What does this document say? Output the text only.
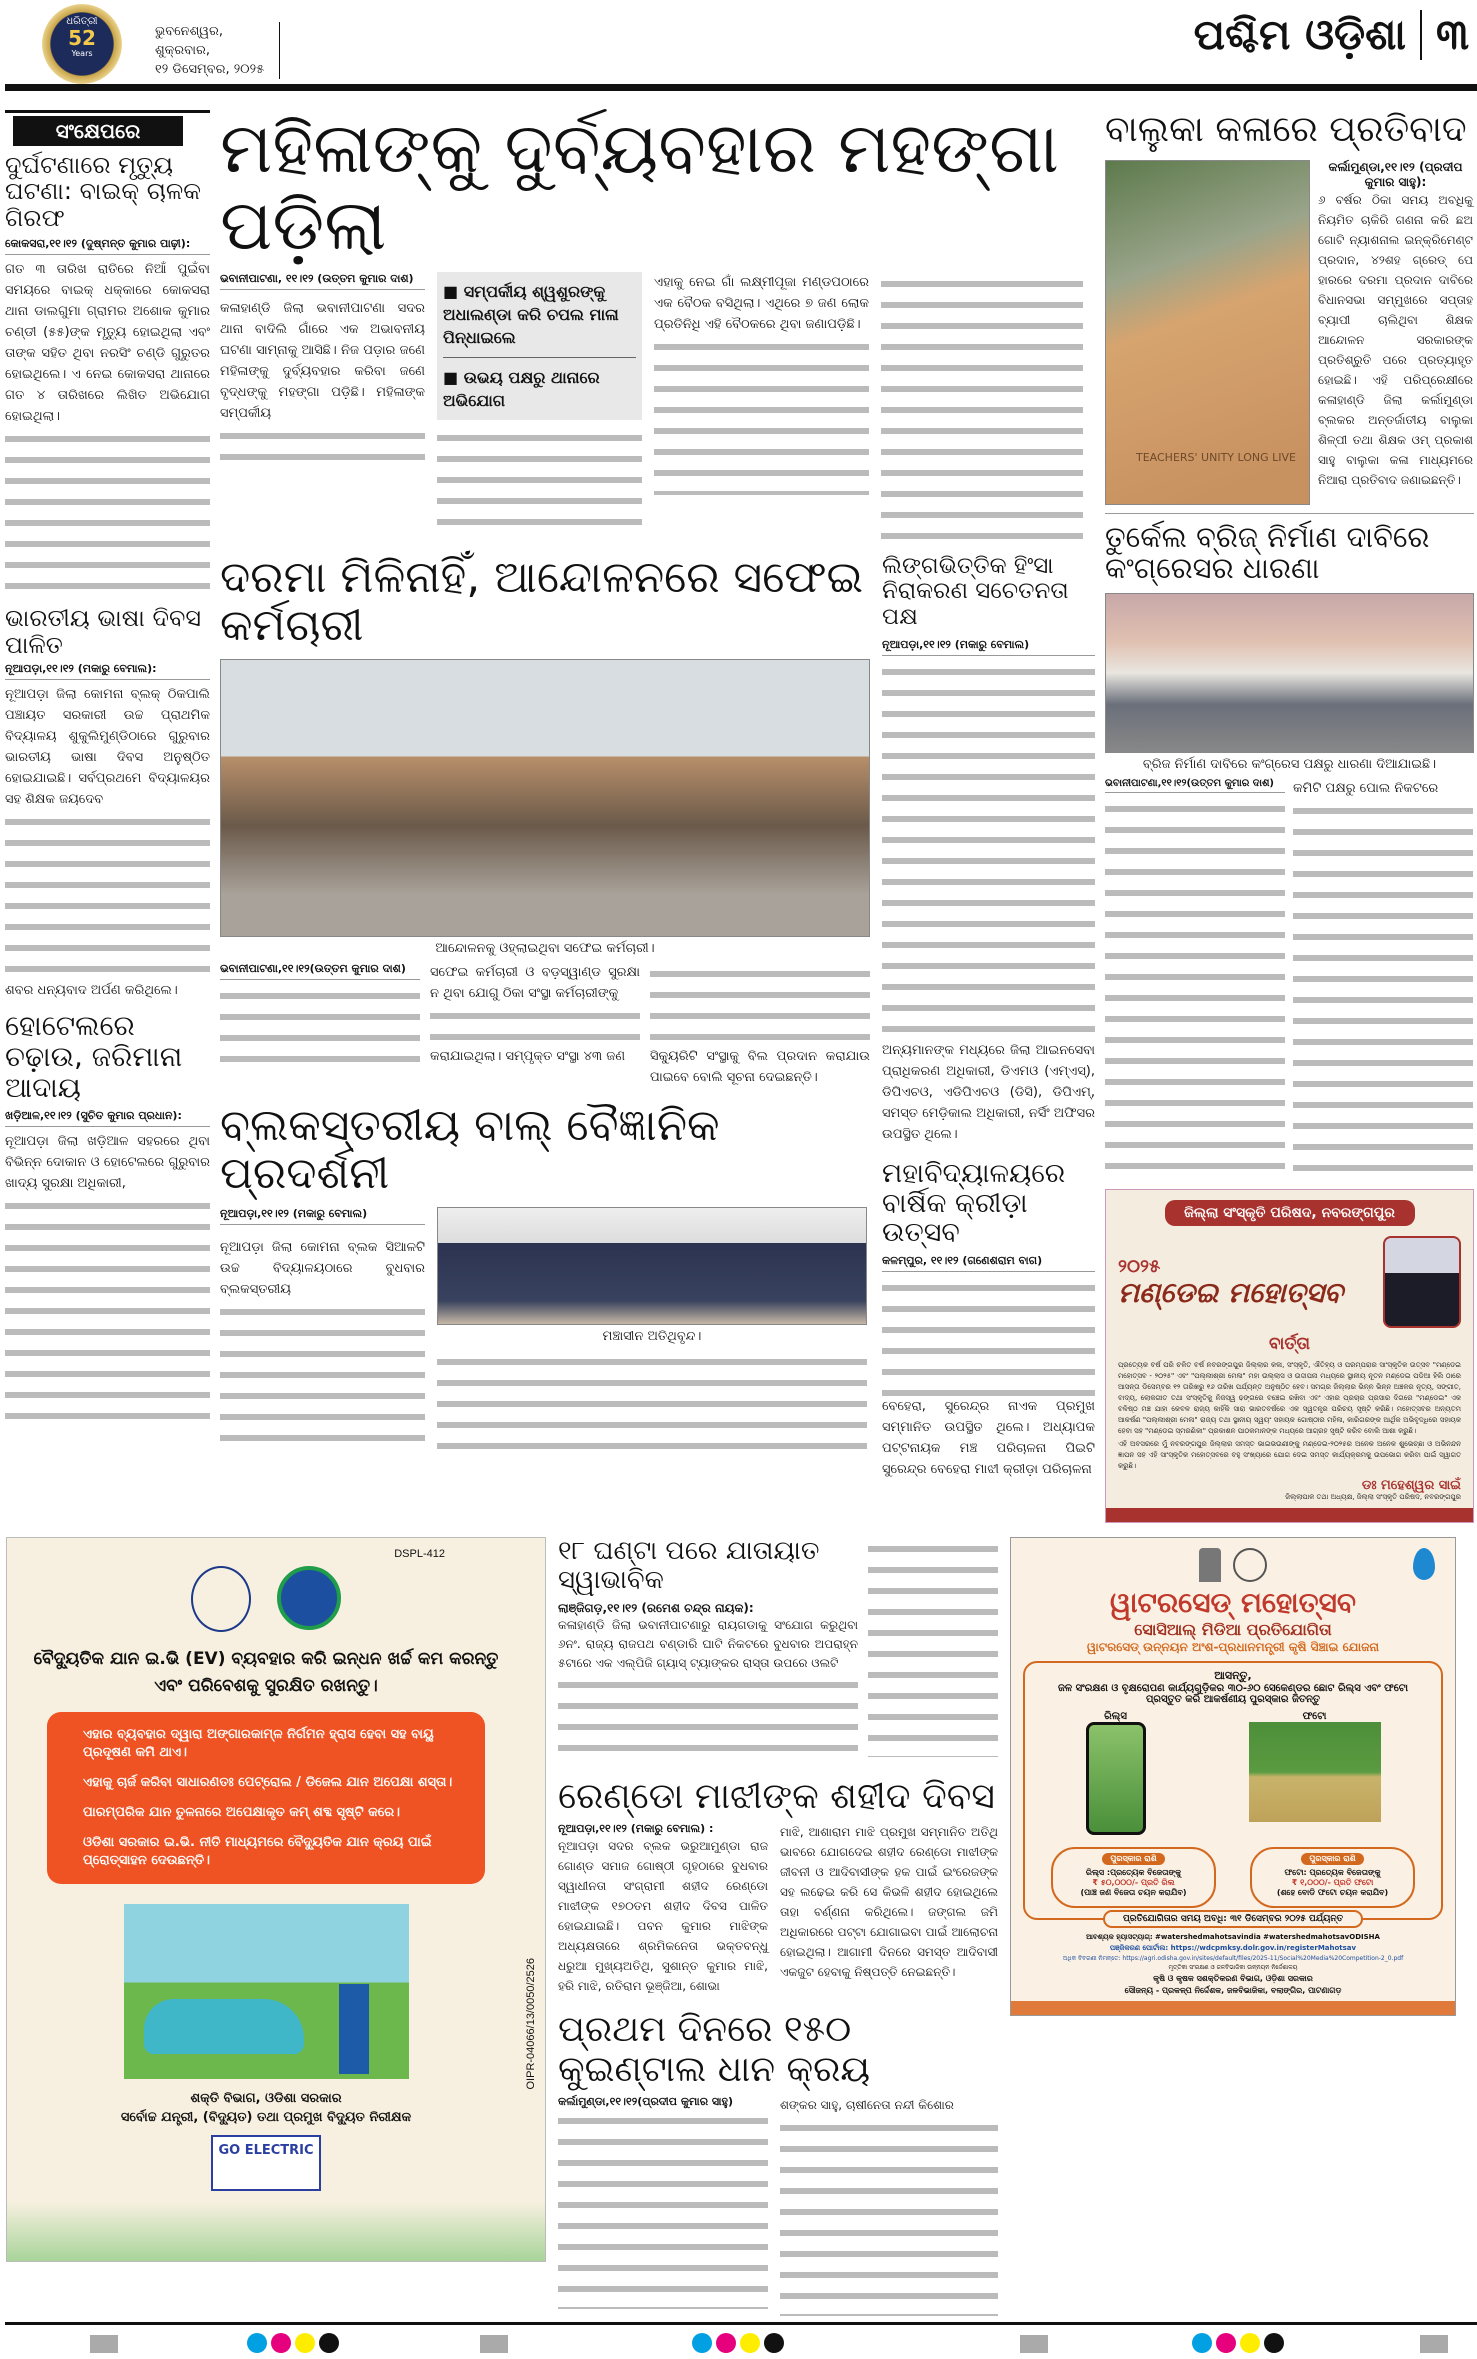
ଧରିତ୍ରୀ
52
Years
ଭୁବନେଶ୍ୱର, ଶୁକ୍ରବାର,
୧୨ ଡିସେମ୍ବର, ୨୦୨୫
ପଶ୍ଚିମ ଓଡ଼ିଶା ୩
ସଂକ୍ଷେପରେ
ଦୁର୍ଘଟଣାରେ ମୃତ୍ୟୁ ଘଟଣା: ବାଇକ୍ ଚାଳକ ଗିରଫ
କୋକସରା,୧୧।୧୨ (ଦୁଷ୍ମନ୍ତ କୁମାର ପାଢ଼ୀ):
ଗତ ୩ ତାରିଖ ରାତିରେ ନିଆଁ ପୁଇଁବା ସମୟରେ ବାଇକ୍ ଧକ୍କାରେ କୋକସରା ଥାନା ଡାଲଗୁମା ଗ୍ରାମର ଅଶୋକ କୁମାର ଚଣ୍ଡୀ (୫୫)ଙ୍କ ମୃତ୍ୟୁ ହୋଇଥିଲା ଏବଂ ତାଙ୍କ ସହିତ ଥିବା ନରସିଂ ଚଣ୍ଡି ଗୁରୁତର ହୋଇଥିଲେ। ଏ ନେଇ କୋକସରା ଥାନାରେ ଗତ ୪ ତାରିଖରେ ଲିଖିତ ଅଭିଯୋଗ ହୋଇଥିଲା।
ଭାରତୀୟ ଭାଷା ଦିବସ ପାଳିତ
ନୂଆପଡ଼ା,୧୧।୧୨ (ମକାରୁ ବେମାଲ):
ନୂଆପଡ଼ା ଜିଲା କୋମନା ବ୍ଲକ୍ ଠିକପାଲି ପଞ୍ଚାୟତ ସରକାରୀ ଉଚ୍ଚ ପ୍ରାଥମିକ ବିଦ୍ୟାଳୟ ଶୁକୁଲିମୁଣ୍ଡିଠାରେ ଗୁରୁବାର ଭାରତୀୟ ଭାଷା ଦିବସ ଅନୁଷ୍ଠିତ ହୋଇଯାଇଛି। ସର୍ବପ୍ରଥମେ ବିଦ୍ୟାଳୟର ସହ ଶିକ୍ଷକ ଜୟଦେବ
ଶବର ଧନ୍ୟବାଦ ଅର୍ପଣ କରିଥିଲେ।
ହୋଟେଲରେ ଚଢ଼ାଉ, ଜରିମାନା ଆଦାୟ
ଖଡ଼ିଆଳ,୧୧।୧୨ (ସୁଚିତ କୁମାର ପ୍ରଧାନ):
ନୂଆପଡ଼ା ଜିଲା ଖଡ଼ିଆଳ ସହରରେ ଥିବା ବିଭିନ୍ନ ଦୋକାନ ଓ ହୋଟେଲରେ ଗୁରୁବାର ଖାଦ୍ୟ ସୁରକ୍ଷା ଅଧିକାରୀ,
ମହିଳାଙ୍କୁ ଦୁର୍ବ୍ୟବହାର ମହଙ୍ଗା ପଡ଼ିଲା
ଭବାନୀପାଟଣା, ୧୧।୧୨ (ଉତ୍ତମ କୁମାର ଦାଶ)
କଳାହାଣ୍ଡି ଜିଲା ଭବାନୀପାଟଣା ସଦର ଥାନା ବାଦିଲି ଗାଁରେ ଏକ ଅଭାବନୀୟ ଘଟଣା ସାମ୍ନାକୁ ଆସିଛି। ନିଜ ପଡ଼ାର ଜଣେ ମହିଳାଙ୍କୁ ଦୁର୍ବ୍ୟବହାର କରିବା ଜଣେ ବୃଦ୍ଧଙ୍କୁ ମହଙ୍ଗା ପଡ଼ିଛି। ମହିଳାଙ୍କ ସମ୍ପର୍କୀୟ
■ ସମ୍ପର୍କୀୟ ଶ୍ୱଶୁରଙ୍କୁ ଅଧାଲଣ୍ଡା କରି ଚପଲ ମାଳା ପିନ୍ଧାଇଲେ
■ ଉଭୟ ପକ୍ଷରୁ ଥାନାରେ ଅଭିଯୋଗ
ଏହାକୁ ନେଇ ଗାଁ ଲକ୍ଷ୍ମୀପୂଜା ମଣ୍ଡପଠାରେ ଏକ ବୈଠକ ବସିଥିଲା। ଏଥିରେ ୭ ଜଣ ଲୋକ ପ୍ରତିନିଧି ଏହି ବୈଠକରେ ଥିବା ଜଣାପଡ଼ିଛି।
ଦରମା ମିଳିନାହିଁ, ଆନ୍ଦୋଳନରେ ସଫେଇ କର୍ମଚାରୀ
ଆନ୍ଦୋଳନକୁ ଓହ୍ଲାଇଥିବା ସଫେଇ କର୍ମଚାରୀ।
ଭବାନୀପାଟଣା,୧୧।୧୨(ଉତ୍ତମ କୁମାର ଦାଶ)	ସଫେଇ କର୍ମଚାରୀ ଓ ବଡ଼ସ୍ୱାଣ୍ଡ ସୁରକ୍ଷା ନ ଥିବା ଯୋଗୁ ଠିକା ସଂସ୍ଥା କର୍ମଚାରୀଙ୍କୁ
କରାଯାଇଥିଲା। ସମ୍ପୃକ୍ତ ସଂସ୍ଥା ୪୩ ଜଣ	ସିକ୍ୟୁରିଟି ସଂସ୍ଥାକୁ ବିଲ ପ୍ରଦାନ କରାଯାଉ ପାଇବେ ବୋଲି ସୂଚନା ଦେଇଛନ୍ତି।
ବ୍ଲକସ୍ତରୀୟ ବାଲ୍ ବୈଜ୍ଞାନିକ ପ୍ରଦର୍ଶନୀ
ନୂଆପଡ଼ା,୧୧।୧୨ (ମକାରୁ ବେମାଲ)
ନୂଆପଡ଼ା ଜିଲା କୋମନା ବ୍ଲକ ସିଆଳଟି ଉଚ୍ଚ ବିଦ୍ୟାଳୟଠାରେ ବୁଧବାର ବ୍ଲକସ୍ତରୀୟ
ମଞ୍ଚାସୀନ ଅତିଥିବୃନ୍ଦ।
ଲିଙ୍ଗଭିତ୍ତିକ ହିଂସା ନିରାକରଣ ସଚେତନତା ପକ୍ଷ
ନୂଆପଡ଼ା,୧୧।୧୨ (ମକାରୁ ବେମାଲ)
ଅନ୍ୟମାନଙ୍କ ମଧ୍ୟରେ ଜିଲା ଆଇନସେବା ପ୍ରାଧିକରଣ ଅଧିକାରୀ, ଡିଏମଓ (ଏମ୍‌ଏସ୍), ଡିପିଏଚଓ, ଏଡିପିଏଚଓ (ଡିସି), ଡିପିଏମ୍, ସମସ୍ତ ମେଡ଼ିକାଲ ଅଧିକାରୀ, ନର୍ସିଂ ଅଫିସର ଉପସ୍ଥିତ ଥିଲେ।
ମହାବିଦ୍ୟାଳୟରେ ବାର୍ଷିକ କ୍ରୀଡ଼ା ଉତ୍ସବ
କଳମ୍ପୁର, ୧୧।୧୨ (ଗଣେଶରାମ ବାଗ)
ବେହେରା, ସୁରେନ୍ଦ୍ର ନାଏକ ପ୍ରମୁଖ ସମ୍ମାନିତ ଉପସ୍ଥିତ ଥିଲେ। ଅଧ୍ୟାପକ ପଟ୍ଟନାୟକ ମଞ୍ଚ ପରିଚାଳନା ପିଇଟି ସୁରେନ୍ଦ୍ର ବେହେରା ମାଝୀ କ୍ରୀଡ଼ା ପରିଚାଳନା
ବାଲୁକା କଳାରେ ପ୍ରତିବାଦ
TEACHERS' UNITY LONG LIVE
କର୍ଲାମୁଣ୍ଡା,୧୧।୧୨ (ପ୍ରଦୀପ କୁମାର ସାହୁ):
୬ ବର୍ଷର ଠିକା ସମୟ ଅବଧିକୁ ନିୟମିତ ଚାକିରି ଗଣନା କରି ଛଅ ଗୋଟି ନ୍ୟାଶନାଲ ଇନ୍‌କ୍ରିମେଣ୍ଟ ପ୍ରଦାନ, ୪୨ଶହ ଗ୍ରେଡ୍ ପେ ହାରରେ ଦରମା ପ୍ରଦାନ ଦାବିରେ ବିଧାନସଭା ସମ୍ମୁଖରେ ସପ୍ତାହ ବ୍ୟାପୀ ଚାଲିଥିବା ଶିକ୍ଷକ ଆନ୍ଦୋଳନ ସରକାରଙ୍କ ପ୍ରତିଶ୍ରୁତି ପରେ ପ୍ରତ୍ୟାହୃତ ହୋଇଛି। ଏହି ପରିପ୍ରେକ୍ଷୀରେ କଳାହାଣ୍ଡି ଜିଲା କର୍ଲାମୁଣ୍ଡା ବ୍ଲକର ଅନ୍ତର୍ଜାତୀୟ ବାଲୁକା ଶିଳ୍ପୀ ତଥା ଶିକ୍ଷକ ଓମ୍ ପ୍ରକାଶ ସାହୁ ବାଲୁକା କଳା ମାଧ୍ୟମରେ ନିଆରା ପ୍ରତିବାଦ ଜଣାଇଛନ୍ତି।
ତୁର୍କେଲ ବ୍ରିଜ୍ ନିର୍ମାଣ ଦାବିରେ କଂଗ୍ରେସର ଧାରଣା
ବ୍ରିଜ ନିର୍ମାଣ ଦାବିରେ କଂଗ୍ରେସ ପକ୍ଷରୁ ଧାରଣା ଦିଆଯାଇଛି।
ଭବାନୀପାଟଣା,୧୧।୧୨(ଉତ୍ତମ କୁମାର ଦାଶ)	କମିଟି ପକ୍ଷରୁ ପୋଲ ନିକଟରେ
ଜିଲ୍ଲା ସଂସ୍କୃତି ପରିଷଦ, ନବରଙ୍ଗପୁର
୨୦୨୫
ମଣ୍ଡେଇ ମହୋତ୍ସବ
ବାର୍ତ୍ତା

ପ୍ରତ୍ୟେକ ବର୍ଷ ପରି ଚଳିତ ବର୍ଷ ନବରଙ୍ଗପୁର ଜିଲ୍ଲାର କଳା, ସଂସ୍କୃତି, ଐତିହ୍ୟ ଓ ପରମ୍ପରାର ସାଂସ୍କୃତିକ ଉତ୍ସବ "ମଣ୍ଡେଇ ମହୋତ୍ସବ - ୨୦୨୫" ଏବଂ "ପଲ୍ଲୀଶ୍ରୀ ମେଳା" ମହା ଉଲ୍ଲାସ ଓ ଉଦ୍ଦୀପନା ମଧ୍ୟରେ ସ୍ଥାନୀୟ ନୂତନ ମଣ୍ଡେଇ ପଡିଆ ହିଲି ଠାରେ ଆସନ୍ତା ଡିସେମ୍ବର ୧୨ ତାରିଖରୁ ୧୬ ତାରିଖ ପର୍ଯ୍ୟନ୍ତ ଅନୁଷ୍ଠିତ ହେବ। ସମଗ୍ର ଜିଲ୍ଲାର ଭିନ୍ନ ଭିନ୍ନ ଅଞ୍ଚଳର ନୃତ୍ୟ, ସଙ୍ଗୀତ, ବାଦ୍ୟ, ଲୋକଗୀତ ତଥା ସଂସ୍କୃତିକୁ ନିଜସ୍ୱ ଢଙ୍ଗରେ ବଞ୍ଚେଇ ରଖିବା ଏବଂ ଏହାର ପ୍ରଚାର ପ୍ରସାର ଦିଗରେ "ମଣ୍ଡେଇ" ଏକ ବଳିଷ୍ଠ ମଞ୍ଚ ଯାହା କେବଳ ରାଜ୍ୟ କାହିଁକି ସାରା ଭାରତବର୍ଷରେ ଏକ ସ୍ୱତନ୍ତ୍ର ପରିଚୟ ସୃଷ୍ଟି କରିଛି। ମହୋତ୍ସବର ଅନ୍ୟତମ ଆକର୍ଷଣ "ପଲ୍ଲୀଶ୍ରୀ ମେଳା" ରାଜ୍ୟ ତଥା ସ୍ଥାନୀୟ ସ୍ୱୟଂ ସହାୟକ ଗୋଷ୍ଠୀର ମହିଳା, କାରିଗରଙ୍କ ଆର୍ଥିକ ଅଭିବୃଦ୍ଧିରେ ସହାୟକ ହେବା ସହ "ମଣ୍ଡେଇ ସ୍ମରଣିକା" ପ୍ରକାଶନ ପାଠକମାନଙ୍କ ମଧ୍ୟରେ ଆଗ୍ରହ ସୃଷ୍ଟି କରିବ ବୋଲି ଆଶା କରୁଛି।

ଏହି ଅବସରରେ ମୁଁ ନବରଙ୍ଗପୁର ଜିଲ୍ଲାର ସମସ୍ତ ଭାଇଭଉଣୀଙ୍କୁ ମଣ୍ଡେଇ-୨୦୨୫ର ଅନେକ ଅନେକ ଶୁଭେଚ୍ଛା ଓ ଅଭିନନ୍ଦନ ଜ୍ଞାପନ ସହ ଏହି ସାଂସ୍କୃତିକ ମହୋତ୍ସବରେ ବହୁ ସଂଖ୍ୟାରେ ଯୋଗ ଦେଇ ସମସ୍ତ କାର୍ଯ୍ୟକ୍ରମକୁ ଉପଭୋଗ କରିବା ପାଇଁ ସ୍ୱାଗତ କରୁଛି।

ଡଃ ମହେଶ୍ୱର ସାଇଁ
ଜିଲ୍ଲାପାଳ ତଥା ଅଧ୍ୟକ୍ଷ, ଜିଲ୍ଲା ସଂସ୍କୃତି ପରିଷଦ, ନବରଙ୍ଗପୁର
DSPL-412
ବୈଦ୍ୟୁତିକ ଯାନ ଇ.ଭି (EV) ବ୍ୟବହାର କରି ଇନ୍ଧନ ଖର୍ଚ୍ଚ କମ କରନ୍ତୁ ଏବଂ ପରିବେଶକୁ ସୁରକ୍ଷିତ ରଖନ୍ତୁ।
ଏହାର ବ୍ୟବହାର ଦ୍ୱାରା ଅଙ୍ଗାରକାମ୍ଳ ନିର୍ଗମନ ହ୍ରାସ ହେବା ସହ ବାୟୁ ପ୍ରଦୂଷଣ କମି ଥାଏ।
ଏହାକୁ ଚାର୍ଜ କରିବା ସାଧାରଣତଃ ପେଟ୍ରୋଲ / ଡିଜେଲ ଯାନ ଅପେକ୍ଷା ଶସ୍ତା।
ପାରମ୍ପରିକ ଯାନ ତୁଳନାରେ ଅପେକ୍ଷାକୃତ କମ୍ ଶବ୍ଦ ସୃଷ୍ଟି କରେ।
ଓଡିଶା ସରକାର ଇ.ଭି. ନୀତି ମାଧ୍ୟମରେ ବୈଦ୍ୟୁତିକ ଯାନ କ୍ରୟ ପାଇଁ ପ୍ରୋତ୍ସାହନ ଦେଉଛନ୍ତି।
ଶକ୍ତି ବିଭାଗ, ଓଡିଶା ସରକାର
ସର୍ବୋଚ୍ଚ ଯନ୍ତ୍ରୀ, (ବିଦ୍ୟୁତ) ତଥା ପ୍ରମୁଖ ବିଦ୍ୟୁତ ନିରୀକ୍ଷକ
GO ELECTRIC
OIPR-04066/13/0050/2526
୧୮ ଘଣ୍ଟା ପରେ ଯାତାୟାତ ସ୍ୱାଭାବିକ
ଲାଞ୍ଜିଗଡ଼,୧୧।୧୨ (ରମେଶ ଚନ୍ଦ୍ର ନାୟକ):
କଳାହାଣ୍ଡି ଜିଲା ଭବାନୀପାଟଣାରୁ ରାୟଗଡାକୁ ସଂଯୋଗ କରୁଥିବା ୬ନଂ. ରାଜ୍ୟ ରାଜପଥ ବଣ୍ଡାରି ଘାଟି ନିକଟରେ ବୁଧବାର ଅପରାହ୍ନ ୫ଟାରେ ଏକ ଏଲ୍‌ପିଜି ଗ୍ୟାସ୍ ଟ୍ୟାଙ୍କର ରାସ୍ତା ଉପରେ ଓଲଟି
ରେଣ୍ଡୋ ମାଝୀଙ୍କ ଶହୀଦ ଦିବସ
ନୂଆପଡ଼ା,୧୧।୧୨ (ମକାରୁ ବେମାଲ) :
ନୂଆପଡ଼ା ସଦର ବ୍ଲକ ଭରୁଆମୁଣ୍ଡା ରାଜ ଗୋଣ୍ଡ ସମାଜ ଗୋଷ୍ଠୀ ଗୃହଠାରେ ବୁଧବାର ସ୍ୱାଧୀନତା ସଂଗ୍ରାମୀ ଶହୀଦ ରେଣ୍ଡୋ ମାଝୀଙ୍କ ୧୭୦ତମ ଶହୀଦ ଦିବସ ପାଳିତ ହୋଇଯାଇଛି। ପବନ କୁମାର ମାଝିଙ୍କ ଅଧ୍ୟକ୍ଷତାରେ ଶ୍ରମିକନେତା ଭକ୍ତବନ୍ଧୁ ଧରୁଆ ମୁଖ୍ୟଅତିଥି, ସୁଶାନ୍ତ କୁମାର ମାଝି, ହରି ମାଝି, ରତିରାମ ଭୂଞ୍ଜିଆ, ଶୋଭା
ମାଝି, ଆଶାରାମ ମାଝି ପ୍ରମୁଖ ସମ୍ମାନିତ ଅତିଥି ଭାବରେ ଯୋଗଦେଇ ଶହୀଦ ରେଣ୍ଡୋ ମାଝୀଙ୍କ ଜୀବନୀ ଓ ଆଦିବାସୀଙ୍କ ହକ ପାଇଁ ଇଂରେଜଙ୍କ ସହ ଲଢେଇ କରି ସେ କିଭଳି ଶହୀଦ ହୋଇଥିଲେ ତାହା ବର୍ଣ୍ଣନା କରିଥିଲେ। ଜଙ୍ଗଲ ଜମି ଅଧିକାରରେ ପଟ୍ଟା ଯୋଗାଇବା ପାଇଁ ଆଲୋଚନା ହୋଇଥିଲା। ଆଗାମୀ ଦିନରେ ସମସ୍ତ ଆଦିବାସୀ ଏକଜୁଟ ହେବାକୁ ନିଷ୍ପତ୍ତି ନେଇଛନ୍ତି।
ପ୍ରଥମ ଦିନରେ ୧୫୦ କୁଇଣ୍ଟାଲ ଧାନ କ୍ରୟ
କର୍ଲାମୁଣ୍ଡା,୧୧।୧୨(ପ୍ରଦୀପ କୁମାର ସାହୁ)	ଶଙ୍କର ସାହୁ, ଚାଷୀନେତା ନନ୍ଦୀ କିଶୋର
ୱାଟରସେଡ୍ ମହୋତ୍ସବ
ସୋସିଆଲ୍ ମିଡିଆ ପ୍ରତିଯୋଗିତା
ୱାଟରସେଡ୍ ଉନ୍ନୟନ ଅଂଶ-ପ୍ରଧାନମନ୍ତ୍ରୀ କୃଷି ସିଞ୍ଚାଇ ଯୋଜନା
ଆସନ୍ତୁ,
ଜଳ ସଂରକ୍ଷଣ ଓ ବୃକ୍ଷରୋପଣ କାର୍ଯ୍ୟଗୁଡ଼ିକର ୩୦-୬୦ ସେକେଣ୍ଡର ଛୋଟ ରିଲ୍ସ ଏବଂ ଫଟୋ ପ୍ରସ୍ତୁତ କରି ଆକର୍ଷଣୀୟ ପୁରସ୍କାର ଜିତନ୍ତୁ
ରିଲ୍ସ	ଫଟୋ
ପୁରସ୍କାର ରାଶି
ରିଲ୍ସ :ପ୍ରତ୍ୟେକ ବିଜେତାଙ୍କୁ
₹ ୫୦,୦୦୦/- ପ୍ରତି ରିଲ
(ପାଞ୍ଚ ଜଣ ବିଜେତା ଚୟନ କରାଯିବ)
ପୁରସ୍କାର ରାଶି
ଫଟୋ: ପ୍ରତ୍ୟେକ ବିଜେତାଙ୍କୁ
₹ ୧,୦୦୦/- ପ୍ରତି ଫଟୋ
(ଶହେ ବୋଡି ଫଟୋ ଚୟନ କରାଯିବ)
ପ୍ରତିଯୋଗିତାର ସମୟ ଅବଧି: ୩୧ ଡିସେମ୍ବର ୨୦୨୫ ପର୍ଯ୍ୟନ୍ତ
ଆବଶ୍ୟକ ହ୍ୟାସଟ୍ୟାଗ୍: #watershedmahotsavindia #watershedmahotsavODISHA
ପଞ୍ଜିକରଣ ପୋର୍ଟାଲ: https://wdcpmksy.dolr.gov.in/registerMahotsav
ଅଧିକ ବିବରଣୀ ନିମନ୍ତେ: https://agri.odisha.gov.in/sites/default/files/2025-11/Social%20Media%20Competition-2_0.pdf
ମୃତ୍ତିକା ସଂରକ୍ଷଣ ଓ ଜଳବିଭାଜିକା ଉନ୍ନୟନ ନିର୍ଦ୍ଦେଶାଳୟ
କୃଷି ଓ କୃଷକ ସଶକ୍ତିକରଣ ବିଭାଗ, ଓଡ଼ିଶା ସରକାର
ସୌଜନ୍ୟ - ପ୍ରକଳ୍ପ ନିର୍ଦ୍ଦେଶକ, ଜଳବିଭାଜିକା, ବଲାଙ୍ଗିର, ପାଟଣାଗଡ଼
